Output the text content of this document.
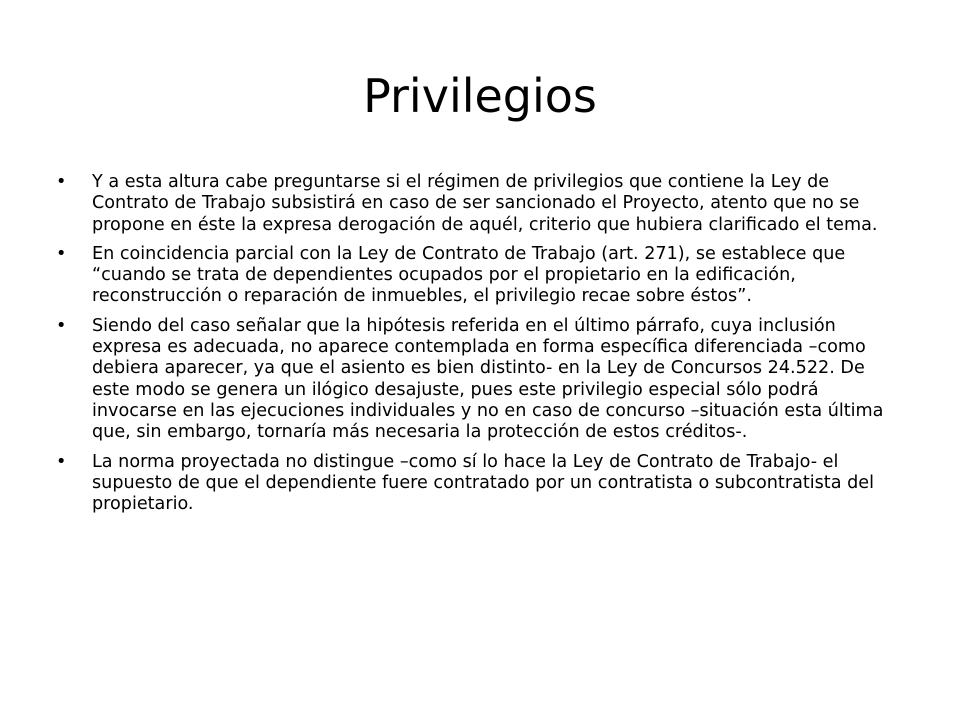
Privilegios
• Y a esta altura cabe preguntarse si el régimen de privilegios que contiene la Ley de Contrato de Trabajo subsistirá en caso de ser sancionado el Proyecto, atento que no se propone en éste la expresa derogación de aquél, criterio que hubiera clarificado el tema.
• En coincidencia parcial con la Ley de Contrato de Trabajo (art. 271), se establece que “cuando se trata de dependientes ocupados por el propietario en la edificación, reconstrucción o reparación de inmuebles, el privilegio recae sobre éstos”.
• Siendo del caso señalar que la hipótesis referida en el último párrafo, cuya inclusión expresa es adecuada, no aparece contemplada en forma específica diferenciada –como debiera aparecer, ya que el asiento es bien distinto- en la Ley de Concursos 24.522. De este modo se genera un ilógico desajuste, pues este privilegio especial sólo podrá invocarse en las ejecuciones individuales y no en caso de concurso –situación esta última que, sin embargo, tornaría más necesaria la protección de estos créditos-.
• La norma proyectada no distingue –como sí lo hace la Ley de Contrato de Trabajo- el supuesto de que el dependiente fuere contratado por un contratista o subcontratista del propietario.
